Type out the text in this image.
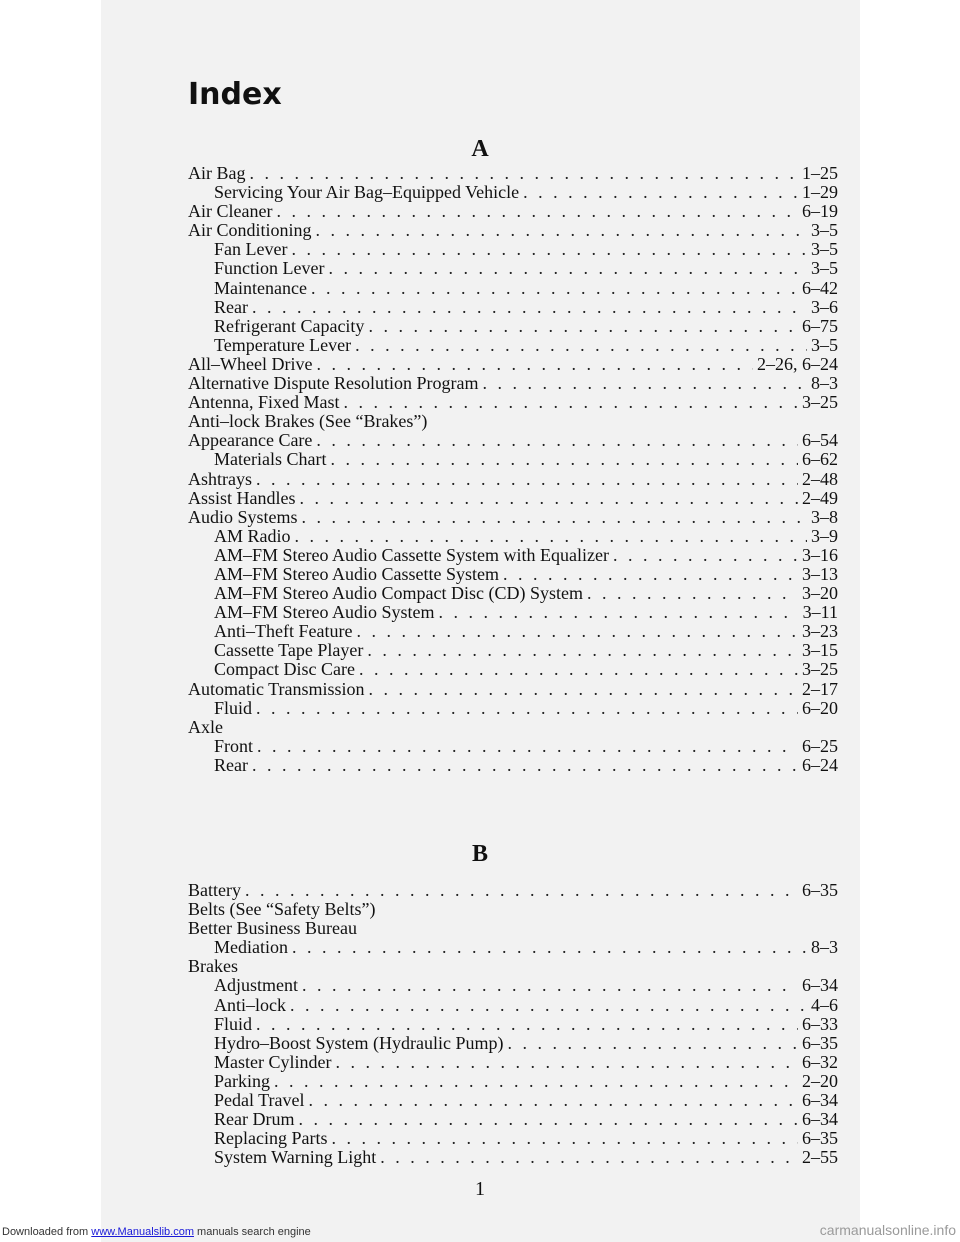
Index
A
Air Bag . . .	1–25
Servicing Your Air Bag–Equipped Vehicle . . .	1–29
Air Cleaner . . .	6–19
Air Conditioning . . .	3–5
Fan Lever . . .	3–5
Function Lever . . .	3–5
Maintenance . . .	6–42
Rear . . .	3–6
Refrigerant Capacity . . .	6–75
Temperature Lever . . .	3–5
All–Wheel Drive . . .	2–26, 6–24
Alternative Dispute Resolution Program . . .	8–3
Antenna, Fixed Mast . . .	3–25
Anti–lock Brakes (See “Brakes”)
Appearance Care . . .	6–54
Materials Chart . . .	6–62
Ashtrays . . .	2–48
Assist Handles . . .	2–49
Audio Systems . . .	3–8
AM Radio . . .	3–9
AM–FM Stereo Audio Cassette System with Equalizer . . .	3–16
AM–FM Stereo Audio Cassette System . . .	3–13
AM–FM Stereo Audio Compact Disc (CD) System . . .	3–20
AM–FM Stereo Audio System . . .	3–11
Anti–Theft Feature . . .	3–23
Cassette Tape Player . . .	3–15
Compact Disc Care . . .	3–25
Automatic Transmission . . .	2–17
Fluid . . .	6–20
Axle
Front . . .	6–25
Rear . . .	6–24
B
Battery . . .	6–35
Belts (See “Safety Belts”)
Better Business Bureau
Mediation . . .	8–3
Brakes
Adjustment . . .	6–34
Anti–lock . . .	4–6
Fluid . . .	6–33
Hydro–Boost System (Hydraulic Pump) . . .	6–35
Master Cylinder . . .	6–32
Parking . . .	2–20
Pedal Travel . . .	6–34
Rear Drum . . .	6–34
Replacing Parts . . .	6–35
System Warning Light . . .	2–55
1
Downloaded from www.Manualslib.com manuals search engine	carmanualsonline.info
